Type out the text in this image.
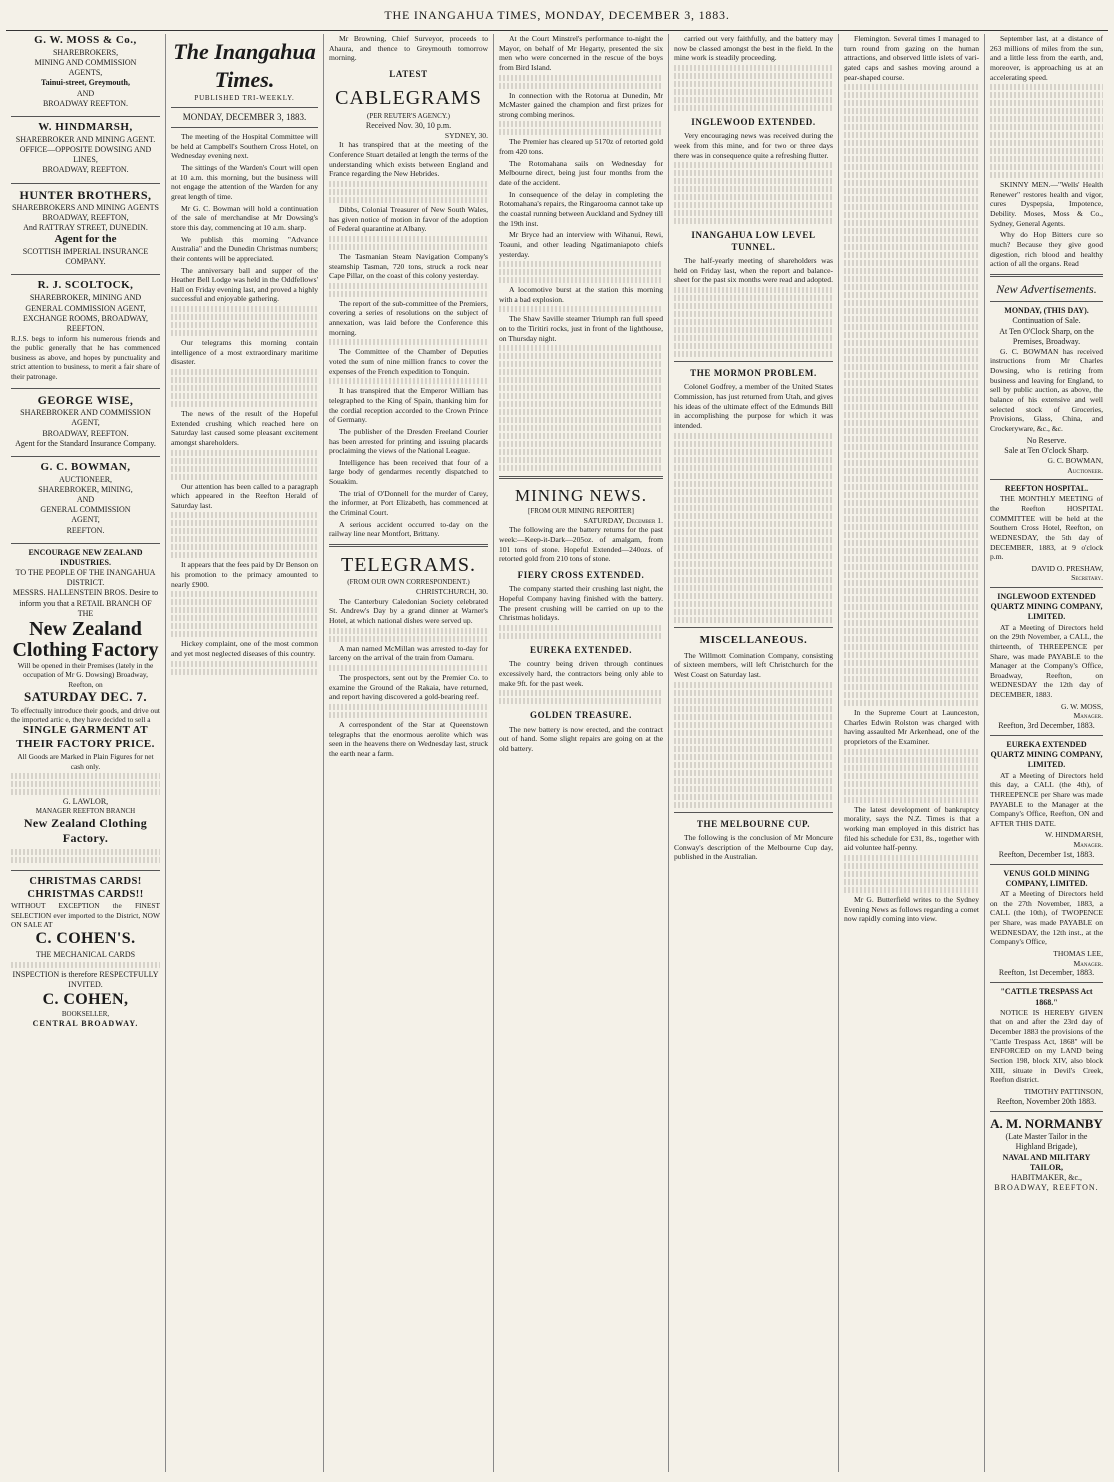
THE INANGAHUA TIMES, MONDAY, DECEMBER 3, 1883.
G. W. MOSS & Co.,
SHAREBROKERS,
MINING AND COMMISSION
AGENTS,
Tainui-street, Greymouth,
AND
BROADWAY REEFTON.
W. HINDMARSH,
SHAREBROKER AND MINING AGENT.
OFFICE—OPPOSITE DOWSING AND LINES,
BROADWAY, REEFTON.
HUNTER BROTHERS,
SHAREBROKERS AND MINING AGENTS
BROADWAY, REEFTON,
And RATTRAY STREET, DUNEDIN.
Agent for the
SCOTTISH IMPERIAL INSURANCE
COMPANY.
R. J. SCOLTOCK,
SHAREBROKER, MINING AND GENERAL COMMISSION AGENT,
EXCHANGE ROOMS, BROADWAY, REEFTON.
R.J.S. begs to inform his numerous friends and the public generally that he has commenced business as above, and hopes by punctuality and strict attention to business, to merit a fair share of their patronage.
GEORGE WISE,
SHAREBROKER AND COMMISSION AGENT,
BROADWAY, REEFTON.
Agent for the Standard Insurance Company.
G. C. BOWMAN,
AUCTIONEER,
SHAREBROKER, MINING,
AND
GENERAL COMMISSION
AGENT,
REEFTON.
ENCOURAGE NEW ZEALAND INDUSTRIES.
TO THE PEOPLE OF THE INANGAHUA DISTRICT.
MESSRS. HALLENSTEIN BROS. Desire to inform you that a RETAIL BRANCH OF THE
New Zealand Clothing Factory
Will be opened in their Premises (lately in the occupation of Mr G. Dowsing) Broadway, Reefton, on
SATURDAY DEC. 7.
To effectually introduce their goods, and drive out the imported artic e, they have decided to sell a
SINGLE GARMENT AT THEIR FACTORY PRICE.
All Goods are Marked in Plain Figures for net cash only.
G. LAWLOR,
MANAGER REEFTON BRANCH
New Zealand Clothing Factory.
CHRISTMAS CARDS! CHRISTMAS CARDS!!
WITHOUT EXCEPTION the FINEST SELECTION ever imported to the District, NOW ON SALE AT
C. COHEN'S.
THE MECHANICAL CARDS
INSPECTION is therefore RESPECTFULLY INVITED.
C. COHEN,
BOOKSELLER,
CENTRAL BROADWAY.
The Inangahua Times.
PUBLISHED TRI-WEEKLY.
MONDAY, DECEMBER 3, 1883.

The meeting of the Hospital Committee will be held at Campbell's Southern Cross Hotel, on Wednesday evening next.

The sittings of the Warden's Court will open at 10 a.m. this morning, but the business will not engage the attention of the Warden for any great length of time.

Mr G. C. Bowman will hold a continuation of the sale of merchandise at Mr Dowsing's store this day, commencing at 10 a.m. sharp.

We publish this morning "Advance Australia" and the Dunedin Christmas numbers; their contents will be appreciated.

The anniversary ball and supper of the Heather Bell Lodge was held in the Oddfellows' Hall on Friday evening last, and proved a highly successful and enjoyable gathering.

Our telegrams this morning contain intelligence of a most extraordinary maritime disaster.

The news of the result of the Hopeful Extended crushing which reached here on Saturday last caused some pleasant excitement amongst shareholders.

Our attention has been called to a paragraph which appeared in the Reefton Herald of Saturday last.

It appears that the fees paid by Dr Benson on his promotion to the primacy amounted to nearly £900.

Hickey complaint, one of the most common and yet most neglected diseases of this country.

Mr Browning, Chief Surveyor, proceeds to Ahaura, and thence to Greymouth tomorrow morning.

LATEST
CABLEGRAMS
(PER REUTER'S AGENCY.)
Received Nov. 30, 10 p.m.
SYDNEY, 30.

It has transpired that at the meeting of the Conference Stuart detailed at length the terms of the understanding which exists between England and France regarding the New Hebrides.

Dibbs, Colonial Treasurer of New South Wales, has given notice of motion in favor of the adoption of Federal quarantine at Albany.

The Tasmanian Steam Navigation Company's steamship Tasman, 720 tons, struck a rock near Cape Pillar, on the coast of this colony yesterday.

The report of the sub-committee of the Premiers, covering a series of resolutions on the subject of annexation, was laid before the Conference this morning.

The Committee of the Chamber of Deputies voted the sum of nine million francs to cover the expenses of the French expedition to Tonquin.

It has transpired that the Emperor William has telegraphed to the King of Spain, thanking him for the cordial reception accorded to the Crown Prince of Germany.

The publisher of the Dresden Freeland Courier has been arrested for printing and issuing placards proclaiming the views of the National League.

Intelligence has been received that four of a large body of gendarmes recently dispatched to Souakim.

The trial of O'Donnell for the murder of Carey, the informer, at Port Elizabeth, has commenced at the Criminal Court.

A serious accident occurred to-day on the railway line near Montfort, Brittany.

TELEGRAMS.
(FROM OUR OWN CORRESPONDENT.)
CHRISTCHURCH, 30.

The Canterbury Caledonian Society celebrated St. Andrew's Day by a grand dinner at Warner's Hotel, at which national dishes were served up.

A man named McMillan was arrested to-day for larceny on the arrival of the train from Oamaru.

The prospectors, sent out by the Premier Co. to examine the Ground of the Rakaia, have returned, and report having discovered a gold-bearing reef.

A correspondent of the Star at Queenstown telegraphs that the enormous aerolite which was seen in the heavens there on Wednesday last, struck the earth near a farm.

At the Court Minstrel's performance to-night the Mayor, on behalf of Mr Hegarty, presented the six men who were concerned in the rescue of the boys from Bird Island.

In connection with the Rotorua at Dunedin, Mr McMaster gained the champion and first prizes for strong combing merinos.

The Premier has cleared up 5170z of retorted gold from 420 tons.

The Rotomahana sails on Wednesday for Melbourne direct, being just four months from the date of the accident.

In consequence of the delay in completing the Rotomahana's repairs, the Ringarooma cannot take up the coastal running between Auckland and Sydney till the 19th inst.

Mr Bryce had an interview with Wihanui, Rewi, Toauni, and other leading Ngatimaniapoto chiefs yesterday.

A locomotive burst at the station this morning with a bad explosion.

The Shaw Saville steamer Triumph ran full speed on to the Tiritiri rocks, just in front of the lighthouse, on Thursday night.

MINING NEWS.
[FROM OUR MINING REPORTER]
SATURDAY, December 1.

The following are the battery returns for the past week:—Keep-it-Dark—205oz. of amalgam, from 101 tons of stone. Hopeful Extended—240ozs. of retorted gold from 210 tons of stone.

FIERY CROSS EXTENDED.

The company started their crushing last night, the Hopeful Company having finished with the battery. The present crushing will be carried on up to the Christmas holidays.

EUREKA EXTENDED.

The country being driven through continues excessively hard, the contractors being only able to make 9ft. for the past week.

GOLDEN TREASURE.

The new battery is now erected, and the contract out of hand. Some slight repairs are going on at the old battery.

carried out very faithfully, and the battery may now be classed amongst the best in the field. In the mine work is steadily proceeding.

INGLEWOOD EXTENDED.

Very encouraging news was received during the week from this mine, and for two or three days there was in consequence quite a refreshing flutter.

INANGAHUA LOW LEVEL TUNNEL.

The half-yearly meeting of shareholders was held on Friday last, when the report and balance-sheet for the past six months were read and adopted.

THE MORMON PROBLEM.

Colonel Godfrey, a member of the United States Commission, has just returned from Utah, and gives his ideas of the ultimate effect of the Edmunds Bill in accomplishing the purpose for which it was intended.

MISCELLANEOUS.

The Willmott Comination Company, consisting of sixteen members, will left Christchurch for the West Coast on Saturday last.

THE MELBOURNE CUP.

The following is the conclusion of Mr Moncure Conway's description of the Melbourne Cup day, published in the Australian.

Flemington. Several times I managed to turn round from gazing on the human attractions, and observed little islets of vari-gated caps and sashes moving around a pear-shaped course.

In the Supreme Court at Launceston, Charles Edwin Rolston was charged with having assaulted Mr Arkenhead, one of the proprietors of the Examiner.

The latest development of bankruptcy morality, says the N.Z. Times is that a working man employed in this district has filed his schedule for £31, 8s., together with aid voluntee half-penny.

Mr G. Butterfield writes to the Sydney Evening News as follows regarding a comet now rapidly coming into view.

September last, at a distance of 263 millions of miles from the sun, and a little less from the earth, and, moreover, is approaching us at an accelerating speed.

SKINNY MEN.—"Wells' Health Renewer" restores health and vigor, cures Dyspepsia, Impotence, Debility. Moses, Moss & Co., Sydney, General Agents.

Why do Hop Bitters cure so much? Because they give good digestion, rich blood and healthy action of all the organs. Read

New Advertisements.
MONDAY, (THIS DAY).
Continuation of Sale.
At Ten O'Clock Sharp, on the Premises, Broadway.

G. C. BOWMAN has received instructions from Mr Charles Dowsing, who is retiring from business and leaving for England, to sell by public auction, as above, the balance of his extensive and well selected stock of Groceries, Provisions, Glass, China, and Crockeryware, &c., &c.

No Reserve.
Sale at Ten O'clock Sharp.
G. C. BOWMAN,
Auctioneer.
REEFTON HOSPITAL.

THE MONTHLY MEETING of the Reefton HOSPITAL COMMITTEE will be held at the Southern Cross Hotel, Reefton, on WEDNESDAY, the 5th day of DECEMBER, 1883, at 9 o'clock p.m.

DAVID O. PRESHAW,
Secretary.
INGLEWOOD EXTENDED QUARTZ MINING COMPANY, LIMITED.

AT a Meeting of Directors held on the 29th November, a CALL, the thirteenth, of THREEPENCE per Share, was made PAYABLE to the Manager at the Company's Office, Broadway, Reefton, on WEDNESDAY the 12th day of DECEMBER, 1883.

G. W. MOSS,
Manager.
Reefton, 3rd December, 1883.
EUREKA EXTENDED QUARTZ MINING COMPANY, LIMITED.

AT a Meeting of Directors held this day, a CALL (the 4th), of THREEPENCE per Share was made PAYABLE to the Manager at the Company's Office, Reefton, ON and AFTER THIS DATE.

W. HINDMARSH,
Manager.
Reefton, December 1st, 1883.
VENUS GOLD MINING COMPANY, LIMITED.

AT a Meeting of Directors held on the 27th November, 1883, a CALL (the 10th), of TWOPENCE per Share, was made PAYABLE on WEDNESDAY, the 12th inst., at the Company's Office,

THOMAS LEE,
Manager.
Reefton, 1st December, 1883.
"CATTLE TRESPASS Act 1868."

NOTICE IS HEREBY GIVEN that on and after the 23rd day of December 1883 the provisions of the "Cattle Trespass Act, 1868" will be ENFORCED on my LAND being Section 198, block XIV, also block XIII, situate in Devil's Creek, Reefton district.

TIMOTHY PATTINSON,
Reefton, November 20th 1883.
A. M. NORMANBY
(Late Master Tailor in the Highland Brigade),
NAVAL AND MILITARY TAILOR,
HABITMAKER, &c.,
BROADWAY, REEFTON.
